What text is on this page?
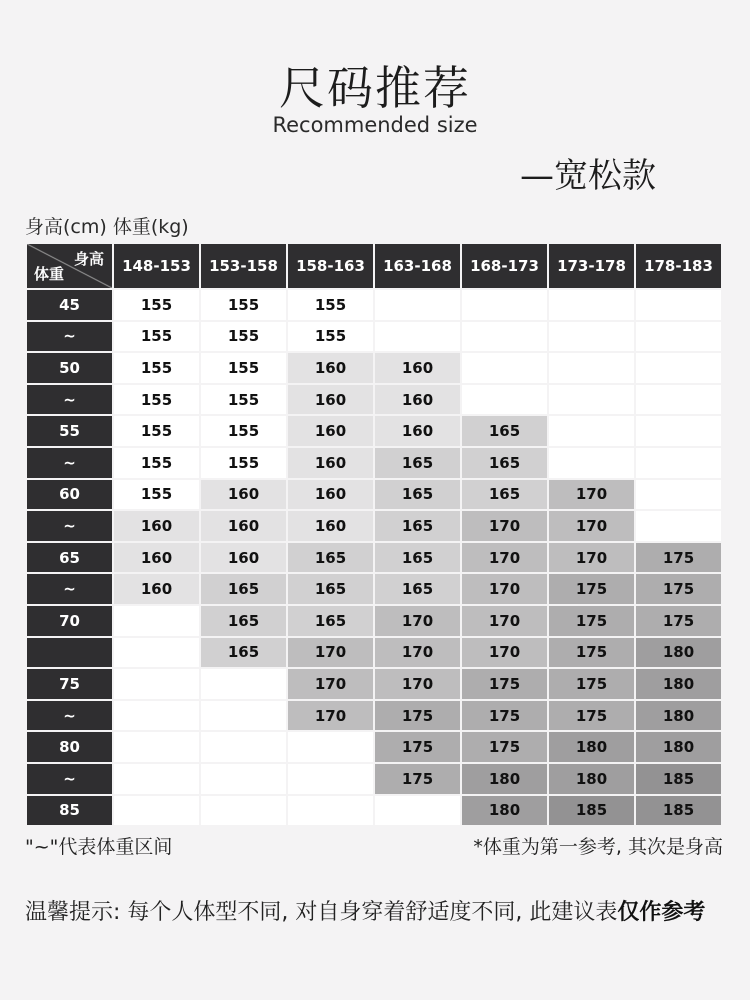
尺码推荐
Recommended size
—宽松款
身高(cm) 体重(kg)
身高
体重	148-153	153-158	158-163	163-168	168-173	173-178	178-183
45	155	155	155				
~	155	155	155				
50	155	155	160	160			
~	155	155	160	160			
55	155	155	160	160	165		
~	155	155	160	165	165		
60	155	160	160	165	165	170	
~	160	160	160	165	170	170	
65	160	160	165	165	170	170	175
~	160	165	165	165	170	175	175
70		165	165	170	170	175	175
		165	170	170	170	175	180
75			170	170	175	175	180
~			170	175	175	175	180
80				175	175	180	180
~				175	180	180	185
85					180	185	185
"~"代表体重区间	*体重为第一参考, 其次是身高
温馨提示: 每个人体型不同, 对自身穿着舒适度不同, 此建议表仅作参考
